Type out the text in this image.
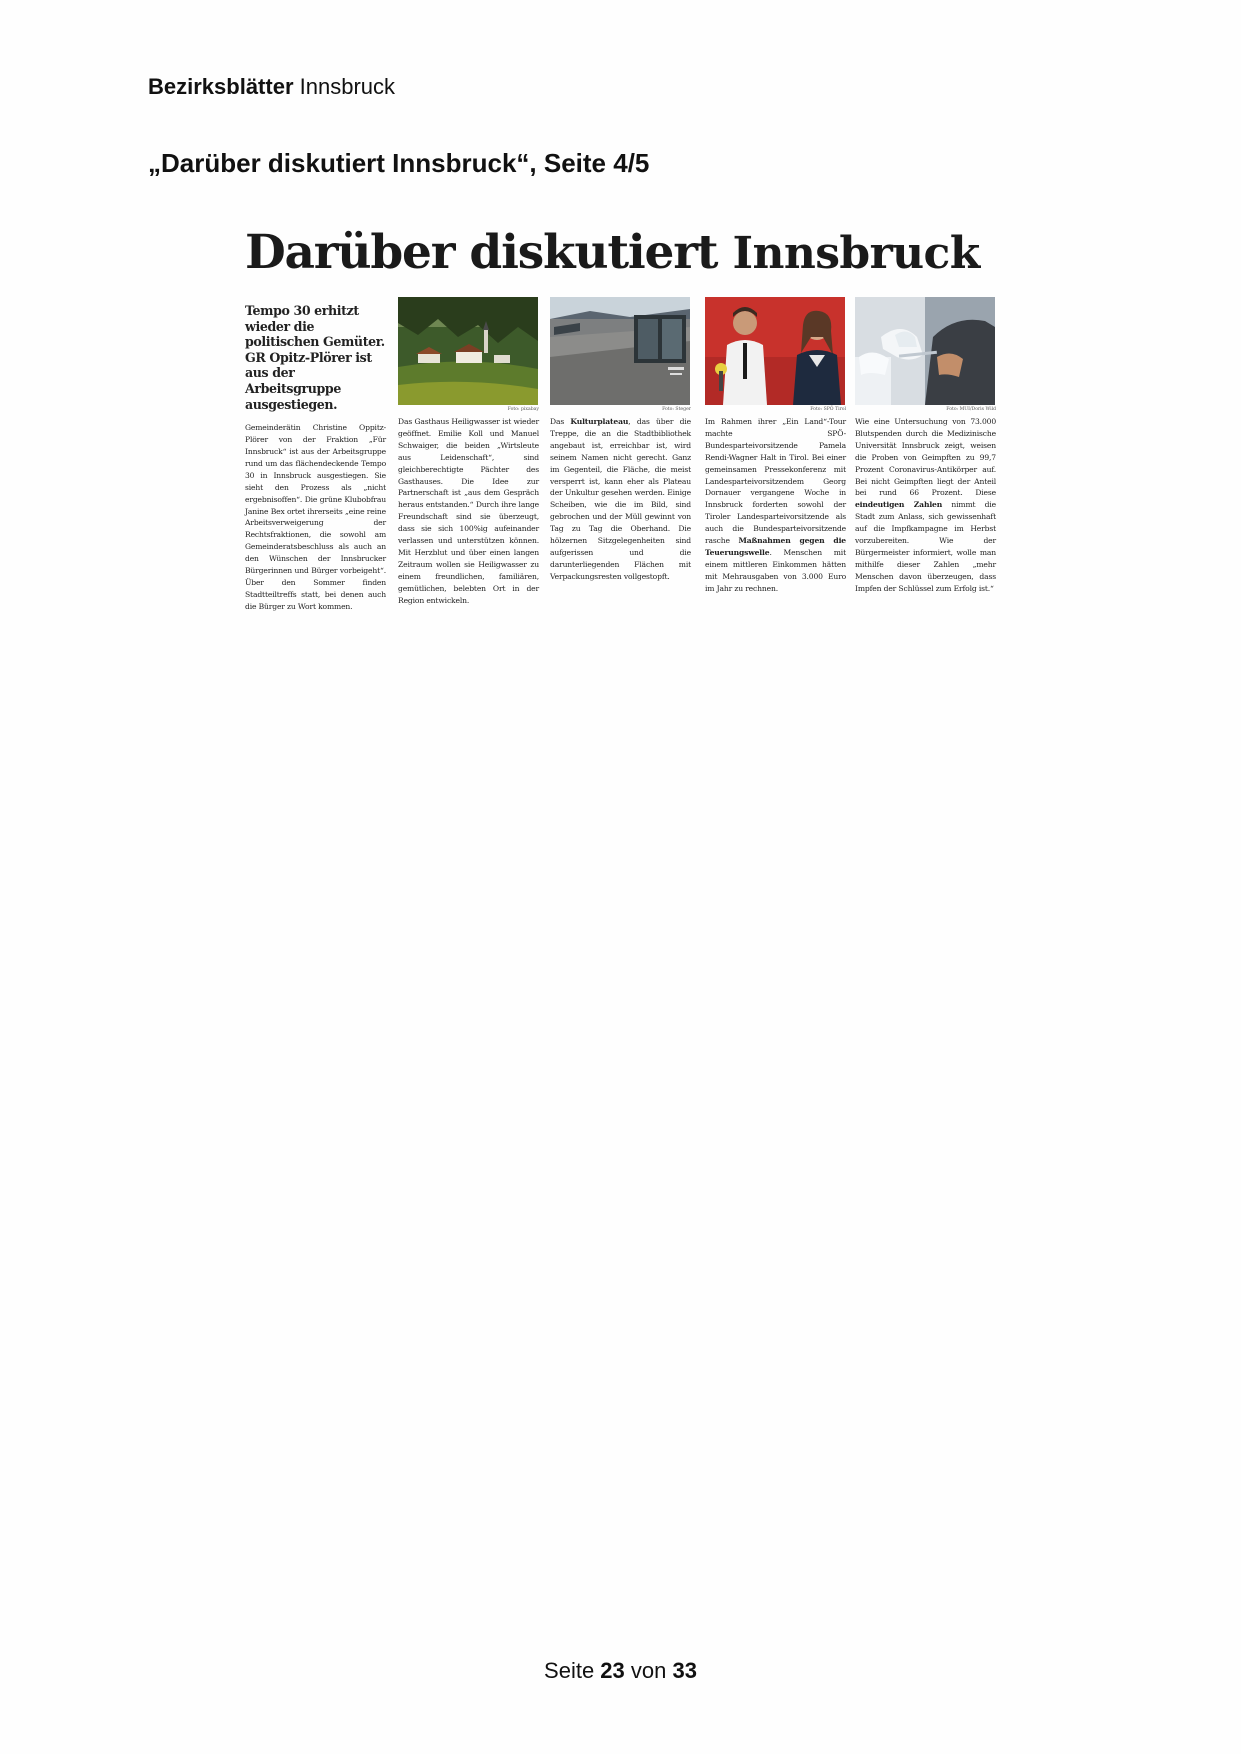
Bezirksblätter Innsbruck
„Darüber diskutiert Innsbruck“, Seite 4/5
Darüber diskutiert Innsbruck

Tempo 30 erhitzt wieder die politischen Gemüter. GR Opitz-Plörer ist aus der Arbeitsgruppe ausgestiegen.

Gemeinderätin Christine Oppitz-Plörer von der Fraktion „Für Innsbruck“ ist aus der Arbeitsgruppe rund um das flächendeckende Tempo 30 in Innsbruck ausgestiegen. Sie sieht den Prozess als „nicht ergebnisoffen“. Die grüne Klubobfrau Janine Bex ortet ihrerseits „eine reine Arbeitsverweigerung der Rechtsfraktionen, die sowohl am Gemeinderatsbeschluss als auch an den Wünschen der Innsbrucker Bürgerinnen und Bürger vorbeigeht“. Über den Sommer finden Stadtteiltreffs statt, bei denen auch die Bürger zu Wort kommen.

Foto: pixabay

Das Gasthaus Heiligwasser ist wieder geöffnet. Emilie Koll und Manuel Schwaiger, die beiden „Wirtsleute aus Leidenschaft“, sind gleichberechtigte Pächter des Gasthauses. Die Idee zur Partnerschaft ist „aus dem Gespräch heraus entstanden.“ Durch ihre lange Freundschaft sind sie überzeugt, dass sie sich 100%ig aufeinander verlassen und unterstützen können. Mit Herzblut und über einen langen Zeitraum wollen sie Heiligwasser zu einem freundlichen, familiären, gemütlichen, belebten Ort in der Region entwickeln.

Foto: Steger

Das Kulturplateau, das über die Treppe, die an die Stadtbibliothek angebaut ist, erreichbar ist, wird seinem Namen nicht gerecht. Ganz im Gegenteil, die Fläche, die meist versperrt ist, kann eher als Plateau der Unkultur gesehen werden. Einige Scheiben, wie die im Bild, sind gebrochen und der Müll gewinnt von Tag zu Tag die Oberhand. Die hölzernen Sitzgelegenheiten sind aufgerissen und die darunterliegenden Flächen mit Verpackungsresten vollgestopft.

Foto: SPÖ Tirol

Im Rahmen ihrer „Ein Land“-Tour machte SPÖ-Bundesparteivorsitzende Pamela Rendi-Wagner Halt in Tirol. Bei einer gemeinsamen Pressekonferenz mit Landesparteivorsitzendem Georg Dornauer vergangene Woche in Innsbruck forderten sowohl der Tiroler Landesparteivorsitzende als auch die Bundesparteivorsitzende rasche Maßnahmen gegen die Teuerungswelle. Menschen mit einem mittleren Einkommen hätten mit Mehrausgaben von 3.000 Euro im Jahr zu rechnen.

Foto: MUI/Doris Wild

Wie eine Untersuchung von 73.000 Blutspenden durch die Medizinische Universität Innsbruck zeigt, weisen die Proben von Geimpften zu 99,7 Prozent Coronavirus-Antikörper auf. Bei nicht Geimpften liegt der Anteil bei rund 66 Prozent. Diese eindeutigen Zahlen nimmt die Stadt zum Anlass, sich gewissenhaft auf die Impfkampagne im Herbst vorzubereiten. Wie der Bürgermeister informiert, wolle man mithilfe dieser Zahlen „mehr Menschen davon überzeugen, dass Impfen der Schlüssel zum Erfolg ist.“

Seite 23 von 33
